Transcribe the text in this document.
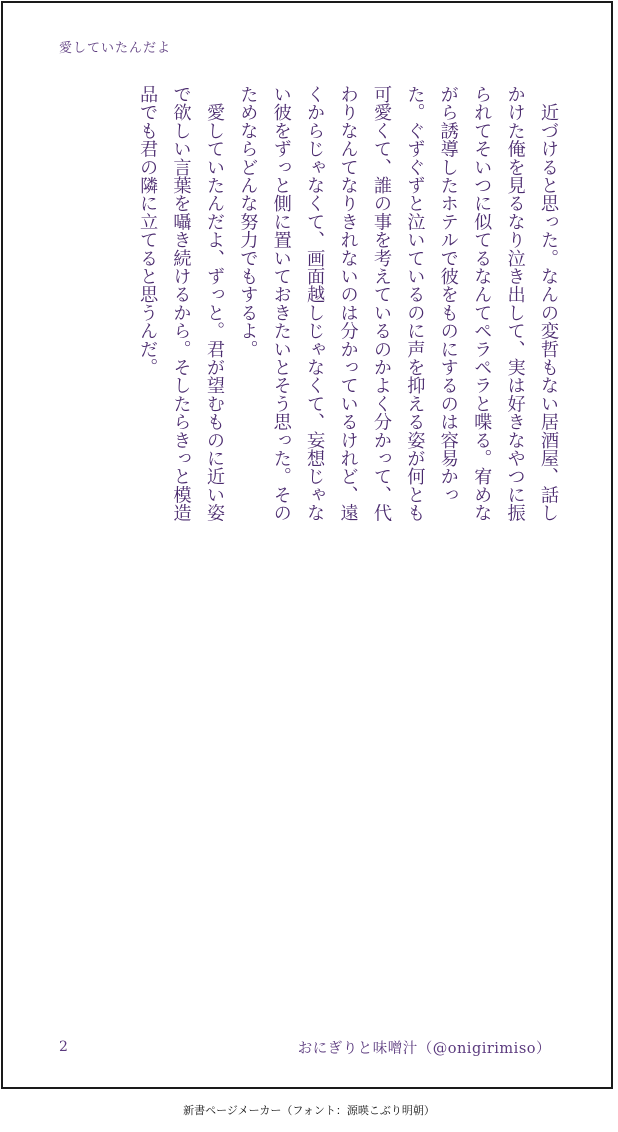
愛していたんだよ

　近づけると思った。なんの変哲もない居酒屋、話しかけた俺を見るなり泣き出して、実は好きなやつに振られてそいつに似てるなんてペラペラと喋る。宥めながら誘導したホテルで彼をものにするのは容易かった。ぐずぐずと泣いているのに声を抑える姿が何とも可愛くて、誰の事を考えているのかよく分かって、代わりなんてなりきれないのは分かっているけれど、遠くからじゃなくて、画面越しじゃなくて、妄想じゃない彼をずっと側に置いておきたいとそう思った。そのためならどんな努力でもするよ。

　愛していたんだよ、ずっと。君が望むものに近い姿で欲しい言葉を囁き続けるから。そしたらきっと模造品でも君の隣に立てると思うんだ。

2	おにぎりと味噌汁（@onigirimiso）
新書ページメーカー（フォント：源暎こぶり明朝）
